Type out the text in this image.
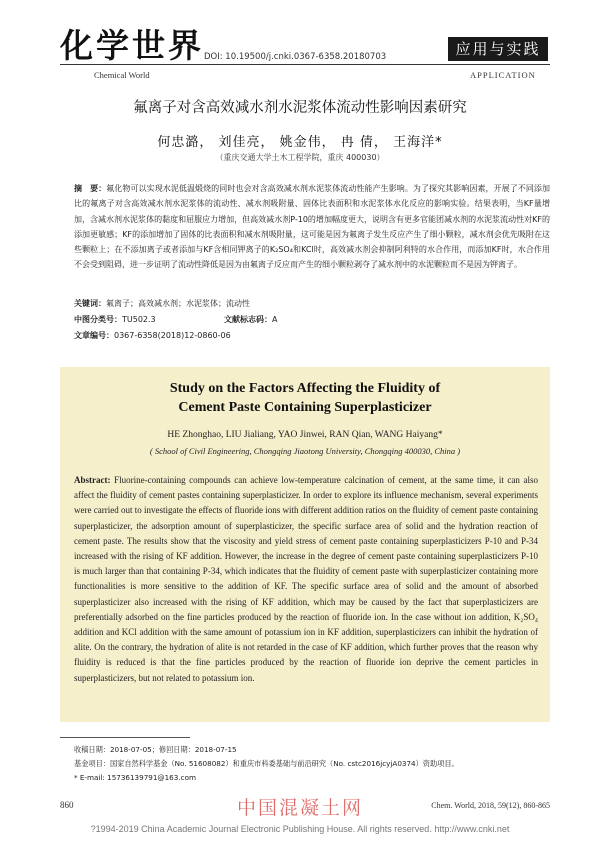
化学世界 DOI: 10.19500/j.cnki.0367-6358.20180703	应用与实践
Chemical World	APPLICATION
氟离子对含高效减水剂水泥浆体流动性影响因素研究
何忠潞， 刘佳亮， 姚金伟， 冉 倩， 王海洋*
（重庆交通大学土木工程学院，重庆 400030）
摘　要：氟化物可以实现水泥低温煅烧的同时也会对含高效减水剂水泥浆体流动性能产生影响。为了探究其影响因素，开展了不同添加比的氟离子对含高效减水剂水泥浆体的流动性、减水剂吸附量、固体比表面积和水泥浆体水化反应的影响实验。结果表明，当KF量增加，含减水剂水泥浆体的黏度和屈服应力增加，但高效减水剂P-10的增加幅度更大，说明含有更多官能团减水剂的水泥浆流动性对KF的添加更敏感；KF的添加增加了固体的比表面积和减水剂吸附量，这可能是因为氟离子发生反应产生了细小颗粒，减水剂会优先吸附在这些颗粒上；在不添加离子或者添加与KF含相同钾离子的K₂SO₄和KCl时，高效减水剂会抑制阿利特的水合作用，而添加KF时，水合作用不会受到阻碍，进一步证明了流动性降低是因为由氟离子反应而产生的细小颗粒剥夺了减水剂中的水泥颗粒而不是因为钾离子。
关键词：氟离子；高效减水剂；水泥浆体；流动性
中图分类号：TU502.3	文献标志码：A
文章编号：0367-6358(2018)12-0860-06
Study on the Factors Affecting the Fluidity of
Cement Paste Containing Superplasticizer
HE Zhonghao, LIU Jialiang, YAO Jinwei, RAN Qian, WANG Haiyang*
( School of Civil Engineering, Chongqing Jiaotong University, Chongqing 400030, China )
Abstract: Fluorine-containing compounds can achieve low-temperature calcination of cement, at the same time, it can also affect the fluidity of cement pastes containing superplasticizer. In order to explore its influence mechanism, several experiments were carried out to investigate the effects of fluoride ions with different addition ratios on the fluidity of cement paste containing superplasticizer, the adsorption amount of superplasticizer, the specific surface area of solid and the hydration reaction of cement paste. The results show that the viscosity and yield stress of cement paste containing superplasticizers P-10 and P-34 increased with the rising of KF addition. However, the increase in the degree of cement paste containing superplasticizers P-10 is much larger than that containing P-34, which indicates that the fluidity of cement paste with superplasticizer containing more functionalities is more sensitive to the addition of KF. The specific surface area of solid and the amount of absorbed superplasticizer also increased with the rising of KF addition, which may be caused by the fact that superplasticizers are preferentially adsorbed on the fine particles produced by the reaction of fluoride ion. In the case without ion addition, K₂SO₄ addition and KCl addition with the same amount of potassium ion in KF addition, superplasticizers can inhibit the hydration of alite. On the contrary, the hydration of alite is not retarded in the case of KF addition, which further proves that the reason why fluidity is reduced is that the fine particles produced by the reaction of fluoride ion deprive the cement particles in superplasticizers, but not related to potassium ion.
收稿日期：2018-07-05；修回日期：2018-07-15
基金项目：国家自然科学基金（No. 51608082）和重庆市科委基础与前沿研究（No. cstc2016jcyjA0374）资助项目。
* E-mail: 15736139791@163.com
860	中国混凝土网	Chem. World, 2018, 59(12), 860-865
?1994-2019 China Academic Journal Electronic Publishing House. All rights reserved. http://www.cnki.net
